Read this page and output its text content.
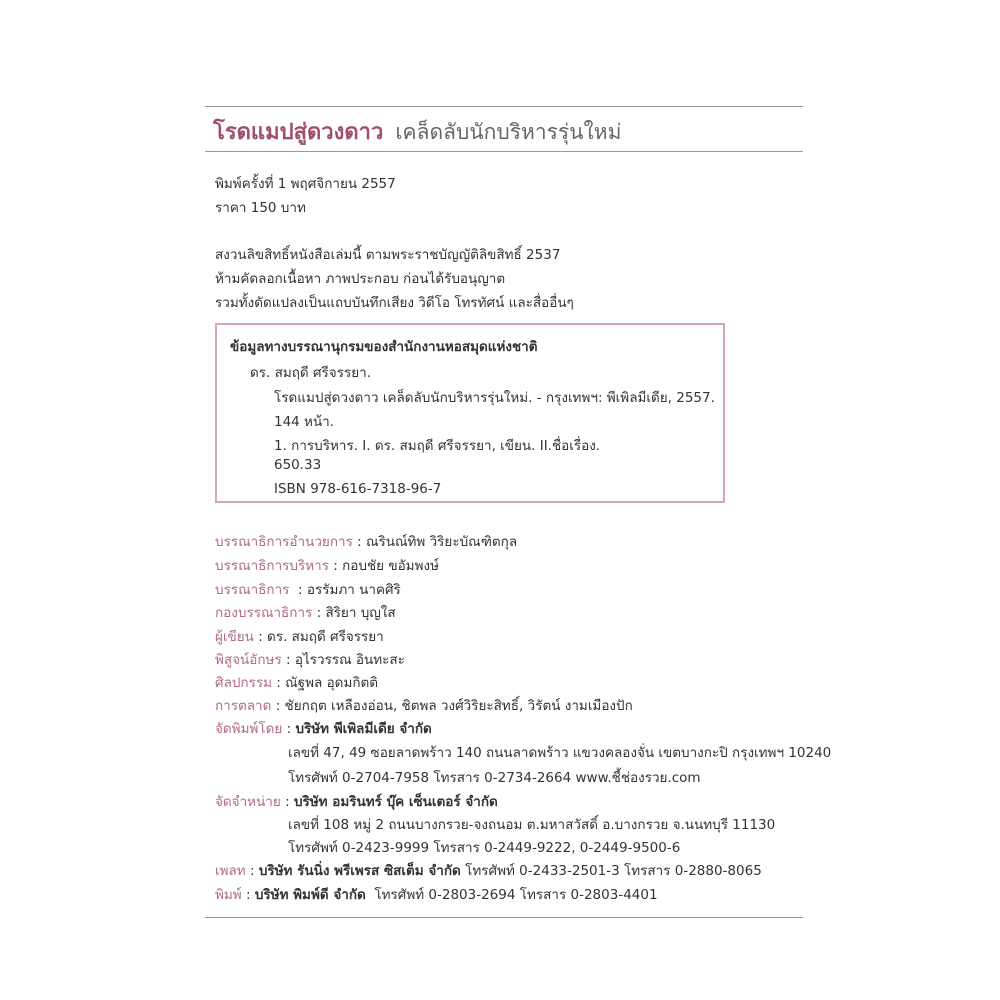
โรดแมปสู่ดวงดาว เคล็ดลับนักบริหารรุ่นใหม่
พิมพ์ครั้งที่ 1 พฤศจิกายน 2557
ราคา 150 บาท
สงวนลิขสิทธิ์หนังสือเล่มนี้ ตามพระราชบัญญัติลิขสิทธิ์ 2537
ห้ามคัดลอกเนื้อหา ภาพประกอบ ก่อนได้รับอนุญาต
รวมทั้งดัดแปลงเป็นแถบบันทึกเสียง วิดีโอ โทรทัศน์ และสื่ออื่นๆ
ข้อมูลทางบรรณานุกรมของสำนักงานหอสมุดแห่งชาติ
ดร. สมฤดี ศรีจรรยา.
โรดแมปสู่ดวงดาว เคล็ดลับนักบริหารรุ่นใหม่. - กรุงเทพฯ: พีเพิลมีเดีย, 2557.
144 หน้า.
1. การบริหาร. I. ดร. สมฤดี ศรีจรรยา, เขียน. II.ชื่อเรื่อง.
650.33
ISBN 978-616-7318-96-7
บรรณาธิการอำนวยการ : ณรินณ์ทิพ วิริยะบัณฑิตกุล
บรรณาธิการบริหาร : กอบชัย ขอัมพงษ์
บรรณาธิการ  : อรรัมภา นาคศิริ
กองบรรณาธิการ : สิริยา บุญใส
ผู้เขียน : ดร. สมฤดี ศรีจรรยา
พิสูจน์อักษร : อุไรวรรณ อินทะสะ
ศิลปกรรม : ณัฐพล อุดมกิตติ
การตลาด : ชัยกฤต เหลืองอ่อน, ชิตพล วงศ์วิริยะสิทธิ์, วิรัตน์ งามเมืองปัก
จัดพิมพ์โดย : บริษัท พีเพิลมีเดีย จำกัด
เลขที่ 47, 49 ซอยลาดพร้าว 140 ถนนลาดพร้าว แขวงคลองจั่น เขตบางกะปิ กรุงเทพฯ 10240
โทรศัพท์ 0-2704-7958 โทรสาร 0-2734-2664 www.ชี้ช่องรวย.com
จัดจำหน่าย : บริษัท อมรินทร์ บุ๊ค เซ็นเตอร์ จำกัด
เลขที่ 108 หมู่ 2 ถนนบางกรวย-จงถนอม ต.มหาสวัสดิ์ อ.บางกรวย จ.นนทบุรี 11130
โทรศัพท์ 0-2423-9999 โทรสาร 0-2449-9222, 0-2449-9500-6
เพลท : บริษัท รันนิ่ง พรีเพรส ซิสเต็ม จำกัด โทรศัพท์ 0-2433-2501-3 โทรสาร 0-2880-8065
พิมพ์ : บริษัท พิมพ์ดี จำกัด  โทรศัพท์ 0-2803-2694 โทรสาร 0-2803-4401
